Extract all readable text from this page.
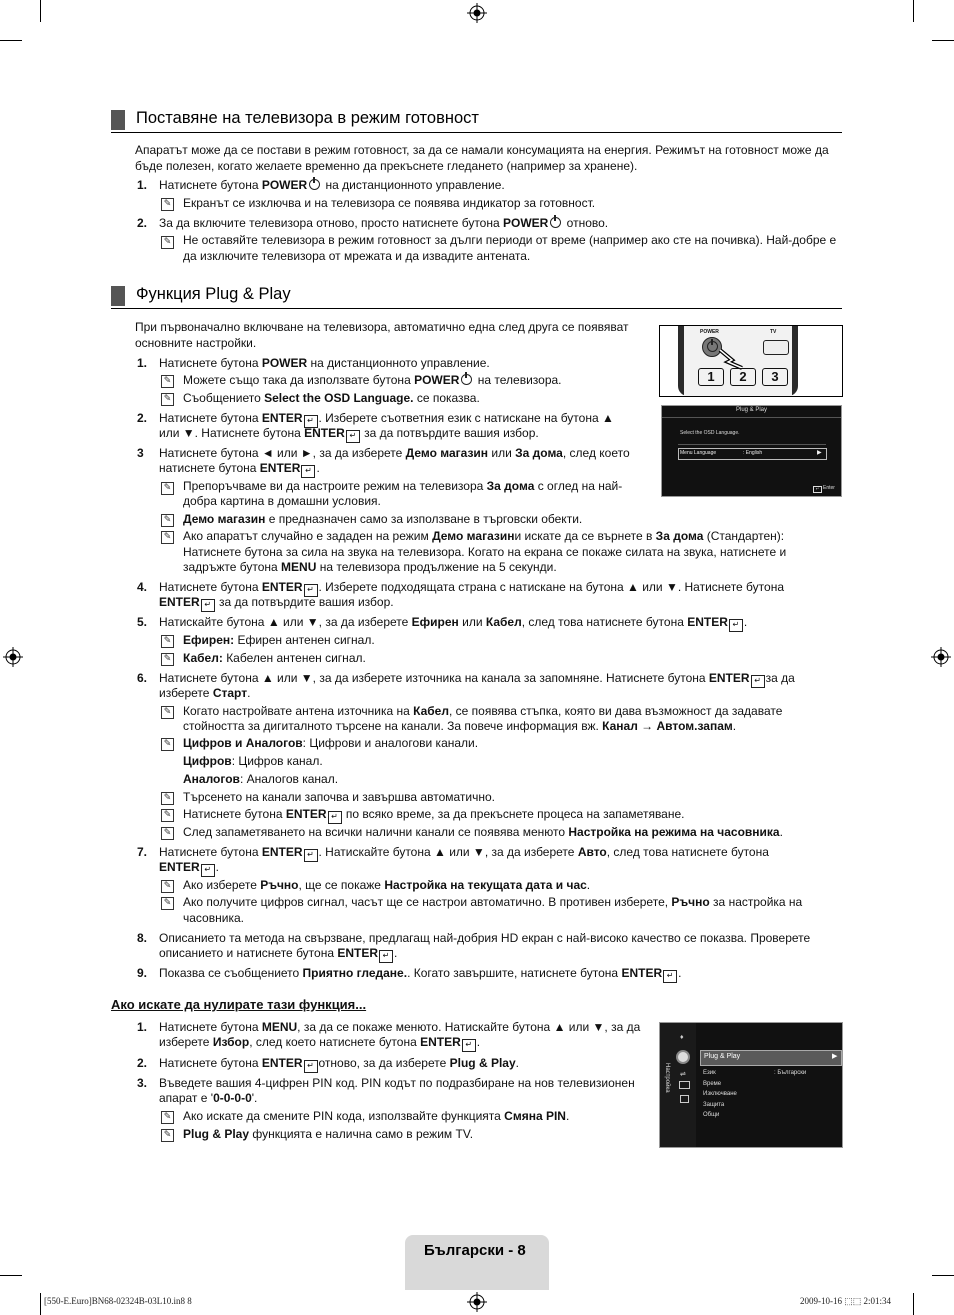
Поставяне на телевизора в режим готовност
Апаратът може да се постави в режим готовност, за да се намали консумацията на енергия. Режимът на готовност може да бъде полезен, когато желаете временно да прекъснете гледането (например за хранене).
1. Натиснете бутона POWER на дистанционното управление.
✎ Екранът се изключва и на телевизора се появява индикатор за готовност.
2. За да включите телевизора отново, просто натиснете бутона POWER отново.
✎ Не оставяйте телевизора в режим готовност за дълги периоди от време (например ако сте на почивка). Най-добре е да изключите телевизора от мрежата и да извадите антената.
Функция Plug & Play
При първоначално включване на телевизора, автоматично една след друга се появяват основните настройки.
1. Натиснете бутона POWER на дистанционното управление.
✎ Можете също така да използвате бутона POWER на телевизора.
✎ Съобщението Select the OSD Language. се показва.
2. Натиснете бутона ENTER ↵ . Изберете съответния език с натискане на бутона ▲
или ▼. Натиснете бутона ENTER ↵ за да потвърдите вашия избор.
3 Натиснете бутона ◄ или ►, за да изберете Демо магазин или За дома, след което
натиснете бутона ENTER ↵ .
✎ Препоръчваме ви да настроите режим на телевизора За дома с оглед на най-
добра картина в домашни условия.
✎ Демо магазин е предназначен само за използване в търговски обекти.
✎ Ако апаратът случайно е зададен на режим Демо магазини искате да се върнете в За дома (Стандартен):
Натиснете бутона за сила на звука на телевизора. Когато на екрана се покаже силата на звука, натиснете и
задръжте бутона MENU на телевизора продължение на 5 секунди.
4. Натиснете бутона ENTER ↵ . Изберете подходящата страна с натискане на бутона ▲ или ▼. Натиснете бутона
ENTER ↵ за да потвърдите вашия избор.
5. Натискайте бутона ▲ или ▼, за да изберете Ефирен или Кабел, след това натиснете бутона ENTER ↵ .
✎ Ефирен: Ефирен антенен сигнал.
✎ Кабел: Кабелен антенен сигнал.
6. Натиснете бутона ▲ или ▼, за да изберете източника на канала за запомняне. Натиснете бутона ENTER ↵ за да
изберете Старт.
✎ Когато настройвате антена източника на Кабел, се появява стъпка, която ви дава възможност да задавате
стойността за дигиталното търсене на канали. За повече информация вж. Канал → Автом.запам.
✎ Цифров и Аналогов: Цифрови и аналогови канали.
Цифров: Цифров канал.
Аналогов: Аналогов канал.
✎ Търсенето на канали започва и завършва автоматично.
✎ Натиснете бутона ENTER ↵ по всяко време, за да прекъснете процеса на запаметяване.
✎ След запаметяването на всички налични канали се появява менюто Настройка на режима на часовника.
7. Натиснете бутона ENTER ↵ . Натискайте бутона ▲ или ▼, за да изберете Авто, след това натиснете бутона
ENTER ↵ .
✎ Ако изберете Ръчно, ще се покаже Настройка на текущата дата и час.
✎ Ако получите цифров сигнал, часът ще се настрои автоматично. В противен изберете, Ръчно за настройка на
часовника.
8. Описанието та метода на свързване, предлагащ най-добрия HD екран с най-високо качество се показва. Проверете
описанието и натиснете бутона ENTER ↵ .
9. Показва се съобщението Приятно гледане.. Когато завършите, натиснете бутона ENTER ↵ .
Ако искате да нулирате тази функция...
1. Натиснете бутона MENU, за да се покаже менюто. Натискайте бутона ▲ или ▼, за да
изберете Избор, след което натиснете бутона ENTER ↵ .
2. Натиснете бутона ENTER ↵ отново, за да изберете Plug & Play.
3. Въведете вашия 4-цифрен PIN код. PIN кодът по подразбиране на нов телевизионен
апарат е '0-0-0-0'.
✎ Ако искате да смените PIN кода, използвайте функцията Смяна PIN.
✎ Plug & Play функцията е налична само в режим TV.
POWER	TV
1	2	3
Plug & Play
Select the OSD Language.
Menu Language	: English	▶
↵ Enter
Настройка
♦
⇌
Plug & Play	▶
Език	: Български
Време
Изключване
Защита
Общи
Български - 8
[550-E.Euro]BN68-02324B-03L10.in8 8	2009-10-16 ⬚⬚ 2:01:34
